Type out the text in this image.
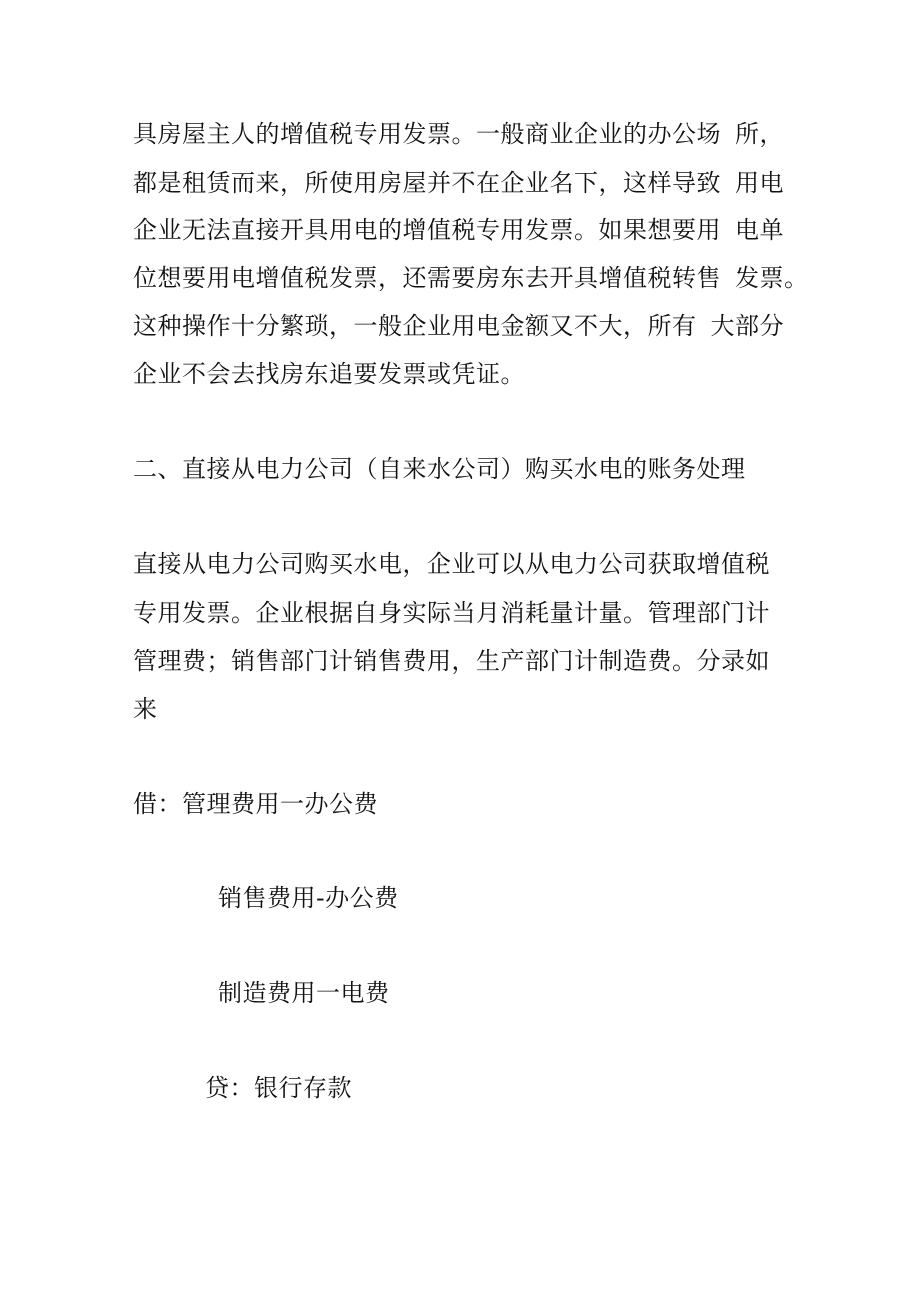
具房屋主人的增值税专用发票。一般商业企业的办公场 所，
都是租赁而来，所使用房屋并不在企业名下，这样导致 用电
企业无法直接开具用电的增值税专用发票。如果想要用 电单
位想要用电增值税发票，还需要房东去开具增值税转售 发票。
这种操作十分繁琐，一般企业用电金额又不大，所有 大部分
企业不会去找房东追要发票或凭证。
二、直接从电力公司（自来水公司）购买水电的账务处理
直接从电力公司购买水电，企业可以从电力公司获取增值税
专用发票。企业根据自身实际当月消耗量计量。管理部门计
管理费；销售部门计销售费用，生产部门计制造费。分录如
来
借：管理费用一办公费
销售费用-办公费
制造费用一电费
贷：银行存款
